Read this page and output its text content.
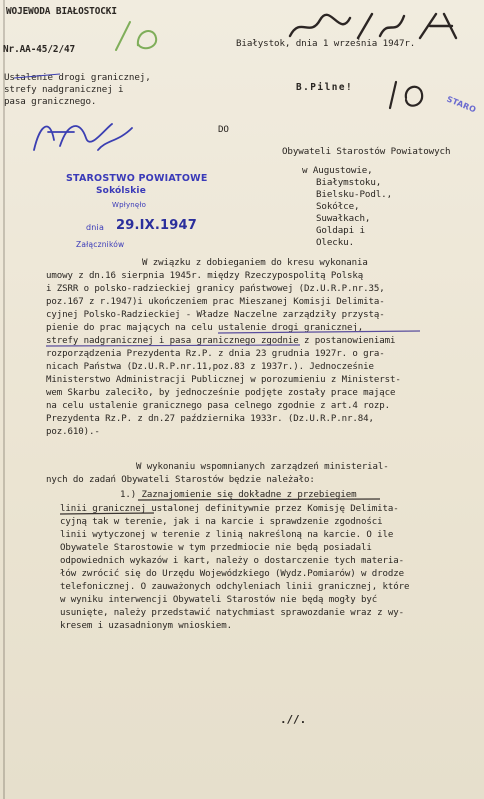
WOJEWODA BIAŁOSTOCKI
Nr.AA-45/2/47
Ustalenie drogi granicznej,
strefy nadgranicznej i
pasa granicznego.
Białystok, dnia 1 września 1947r.
B.Pilne!
DO
Obywateli Starostów Powiatowych
w Augustowie,
Białymstoku,
Bielsku-Podl.,
Sokółce,
Suwałkach,
Goldapi i
Olecku.
STARO
STAROSTWO POWIATOWE
Sokólskie
Wpłynęło
dnia 29.IX.1947
Załączników
W związku z dobieganiem do kresu wykonania
umowy z dn.16 sierpnia 1945r. między Rzeczypospolitą Polską
i ZSRR o polsko-radzieckiej granicy państwowej (Dz.U.R.P.nr.35,
poz.167 z r.1947)i ukończeniem prac Mieszanej Komisji Delimita-
cyjnej Polsko-Radzieckiej - Władze Naczelne zarządziły przystą-
pienie do prac mających na celu ustalenie drogi granicznej,
strefy nadgranicznej i pasa granicznego zgodnie z postanowieniami
rozporządzenia Prezydenta Rz.P. z dnia 23 grudnia 1927r. o gra-
nicach Państwa (Dz.U.R.P.nr.11,poz.83 z 1937r.). Jednocześnie
Ministerstwo Administracji Publicznej w porozumieniu z Ministerst-
wem Skarbu zaleciło, by jednocześnie podjęte zostały prace mające
na celu ustalenie granicznego pasa celnego zgodnie z art.4 rozp.
Prezydenta Rz.P. z dn.27 października 1933r. (Dz.U.R.P.nr.84,
poz.610).-
W wykonaniu wspomnianych zarządzeń ministerial-
nych do zadań Obywateli Starostów będzie należało:
1.) Zaznajomienie się dokładne z przebiegiem
linii granicznej ustalonej definitywnie przez Komisję Delimita-
cyjną tak w terenie, jak i na karcie i sprawdzenie zgodności
linii wytyczonej w terenie z linią nakreśloną na karcie. O ile
Obywatele Starostowie w tym przedmiocie nie będą posiadali
odpowiednich wykazów i kart, należy o dostarczenie tych materia-
łów zwrócić się do Urzędu Wojewódzkiego (Wydz.Pomiarów) w drodze
telefonicznej. O zauważonych odchyleniach linii granicznej, które
w wyniku interwencji Obywateli Starostów nie będą mogły być
usunięte, należy przedstawić natychmiast sprawozdanie wraz z wy-
kresem i uzasadnionym wnioskiem.
.//.
